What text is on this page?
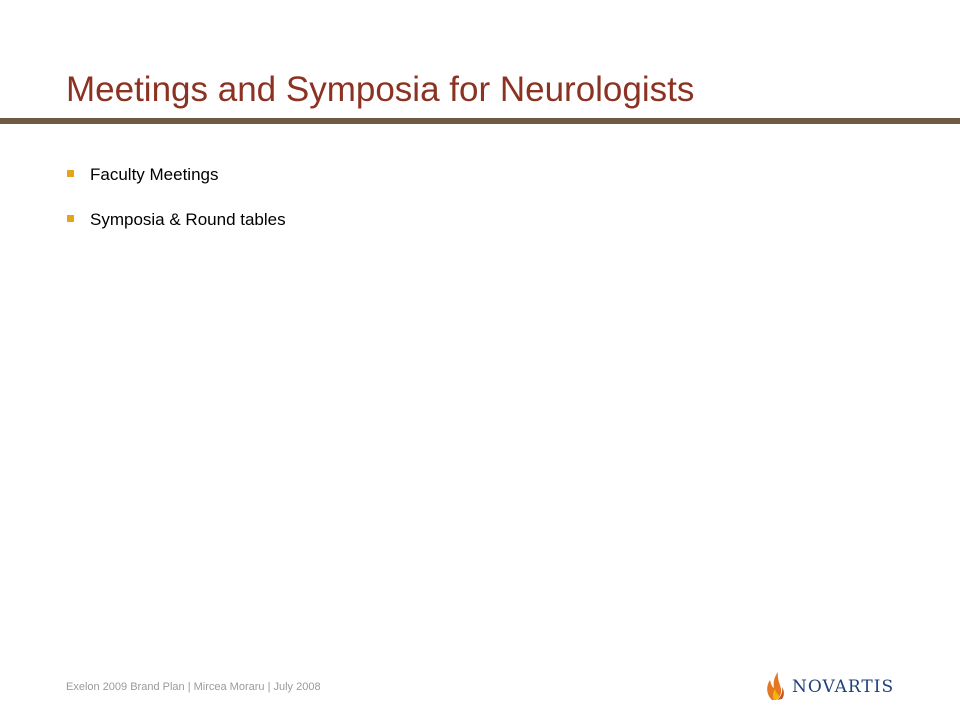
Meetings and Symposia for Neurologists
Faculty Meetings
Symposia & Round tables
Exelon 2009 Brand Plan | Mircea Moraru | July 2008	NOVARTIS
